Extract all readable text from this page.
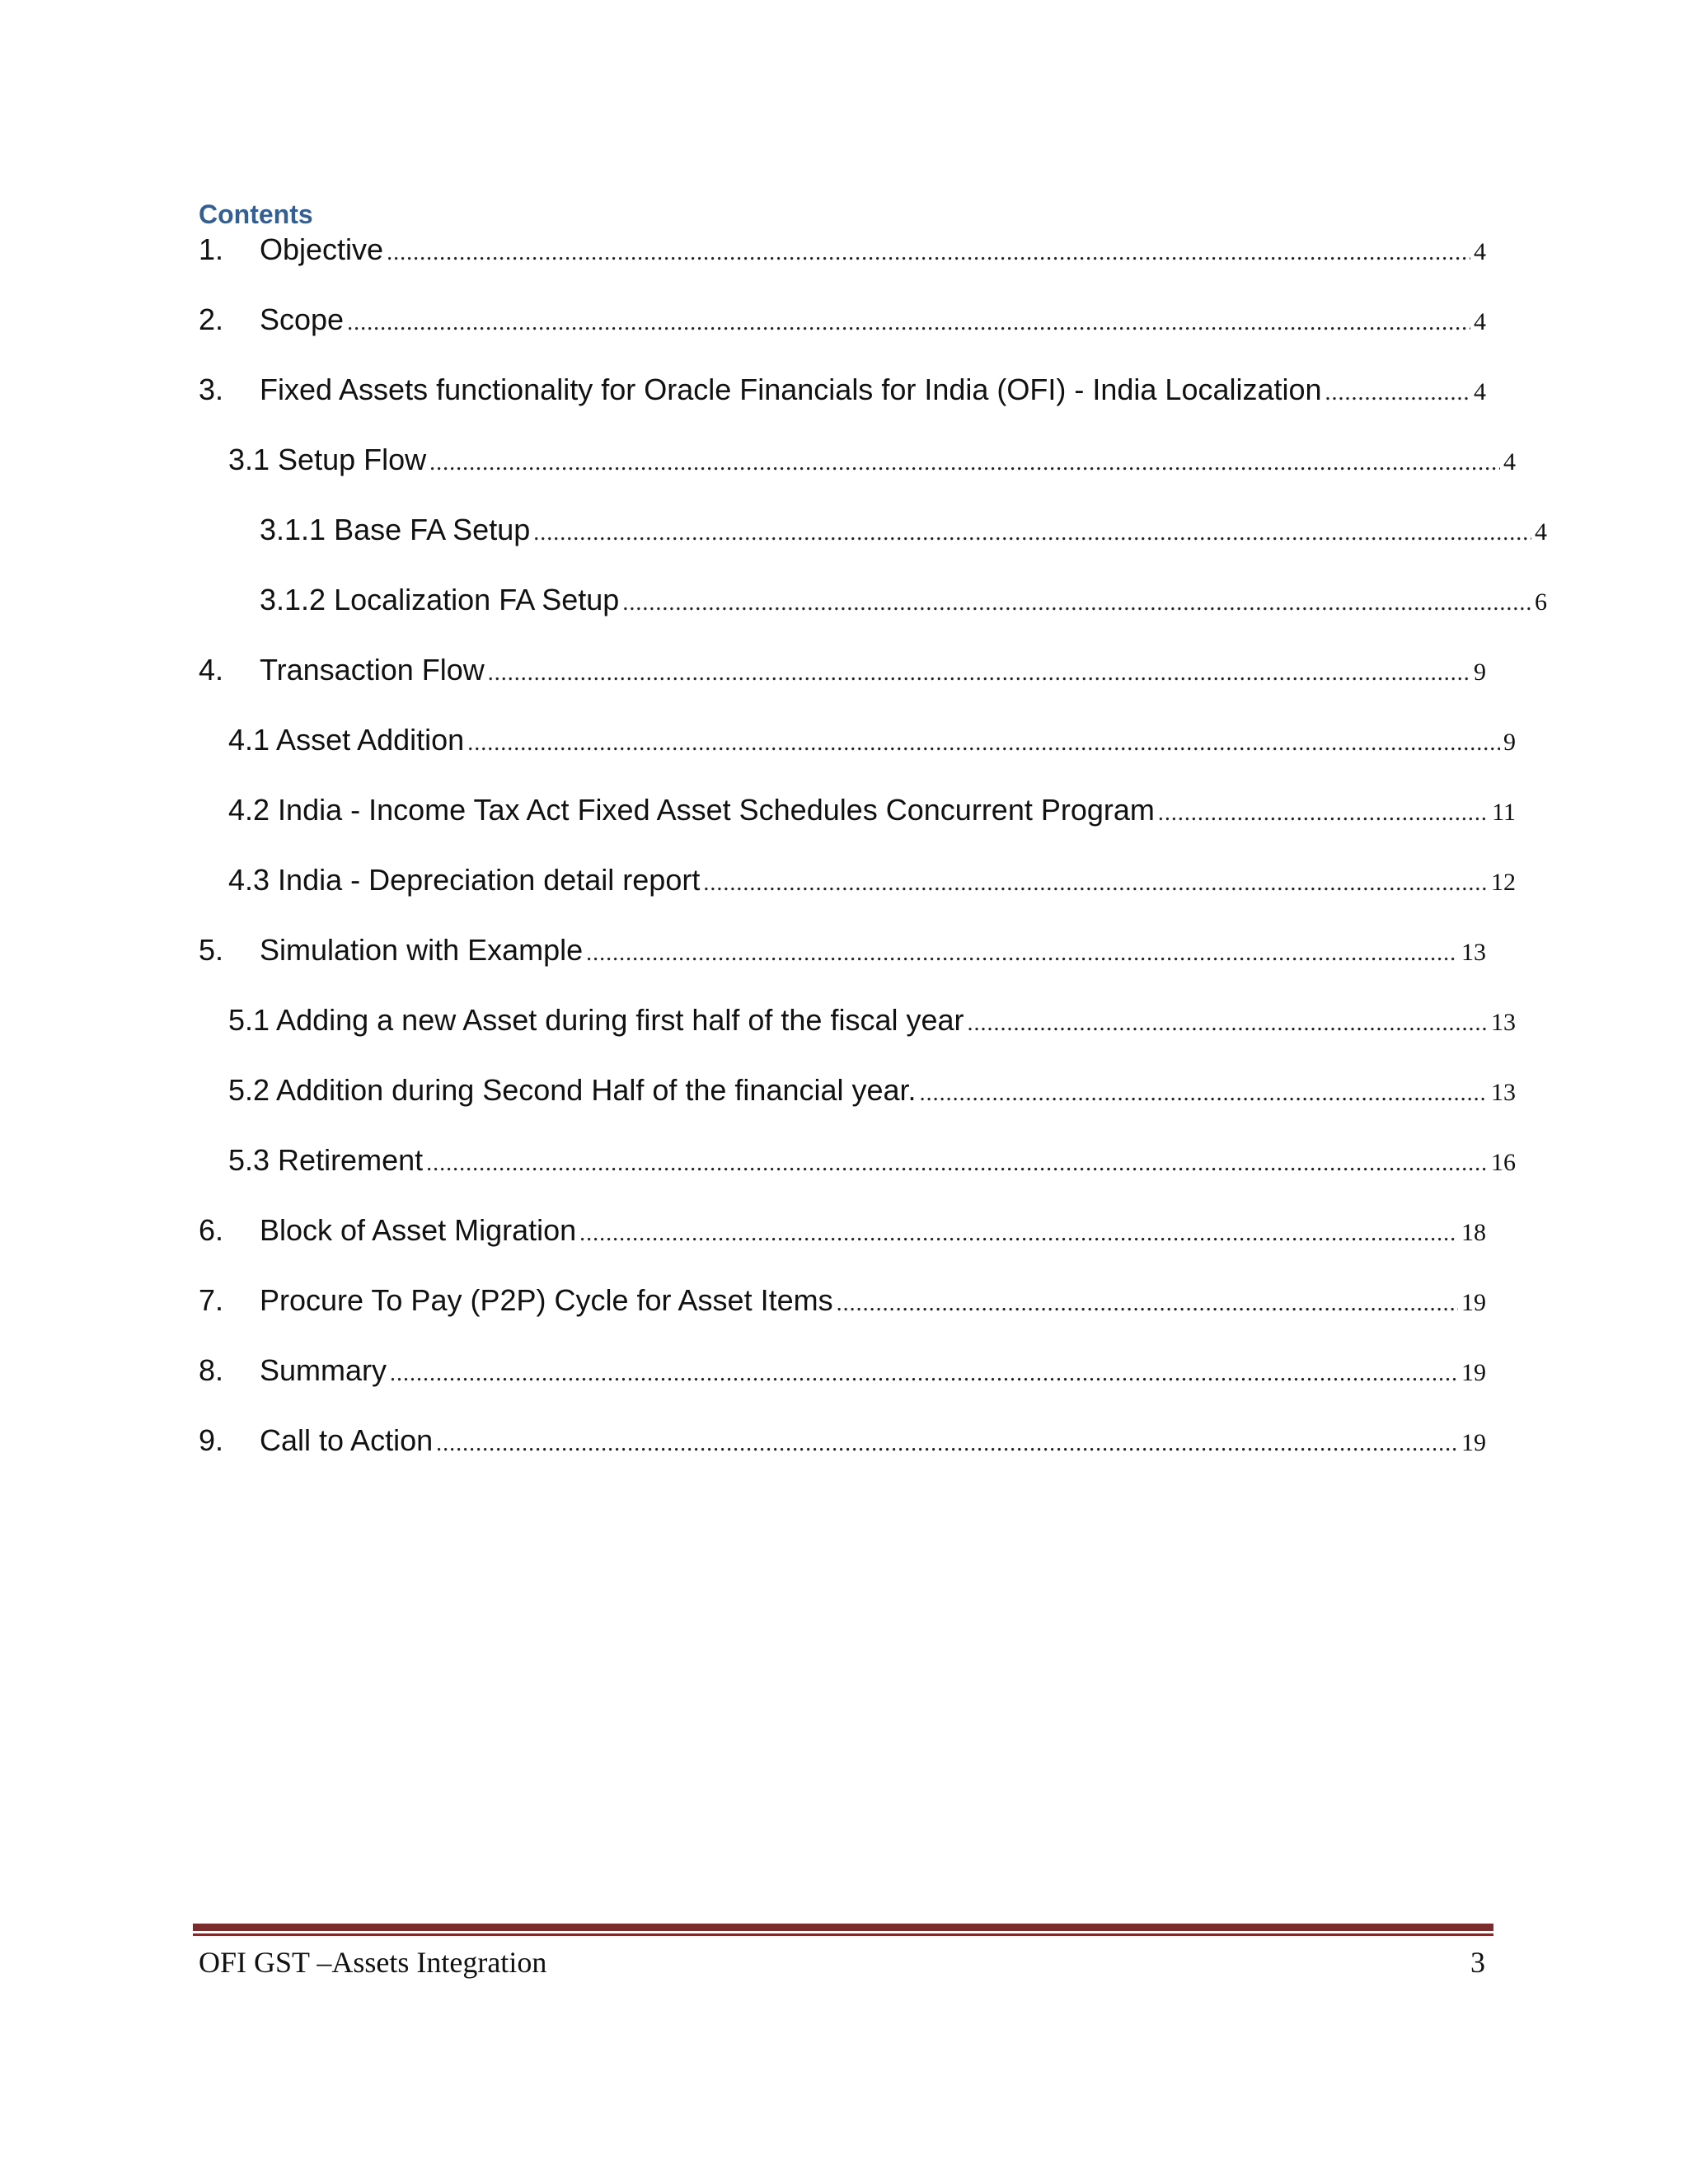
Contents
1.	Objective .....	4
2.	Scope .....	4
3.	Fixed Assets functionality for Oracle Financials for India (OFI) - India Localization .....	4
3.1 Setup Flow .....	4
3.1.1 Base FA Setup .....	4
3.1.2 Localization FA Setup .....	6
4.	Transaction Flow .....	9
4.1 Asset Addition .....	9
4.2 India - Income Tax Act Fixed Asset Schedules Concurrent Program .....	11
4.3 India - Depreciation detail report .....	12
5.	Simulation with Example .....	13
5.1 Adding a new Asset during first half of the fiscal year .....	13
5.2 Addition during Second Half of the financial year. .....	13
5.3 Retirement .....	16
6.	Block of Asset Migration .....	18
7.	Procure To Pay (P2P) Cycle for Asset Items .....	19
8.	Summary .....	19
9.	Call to Action .....	19
OFI GST –Assets Integration	3
